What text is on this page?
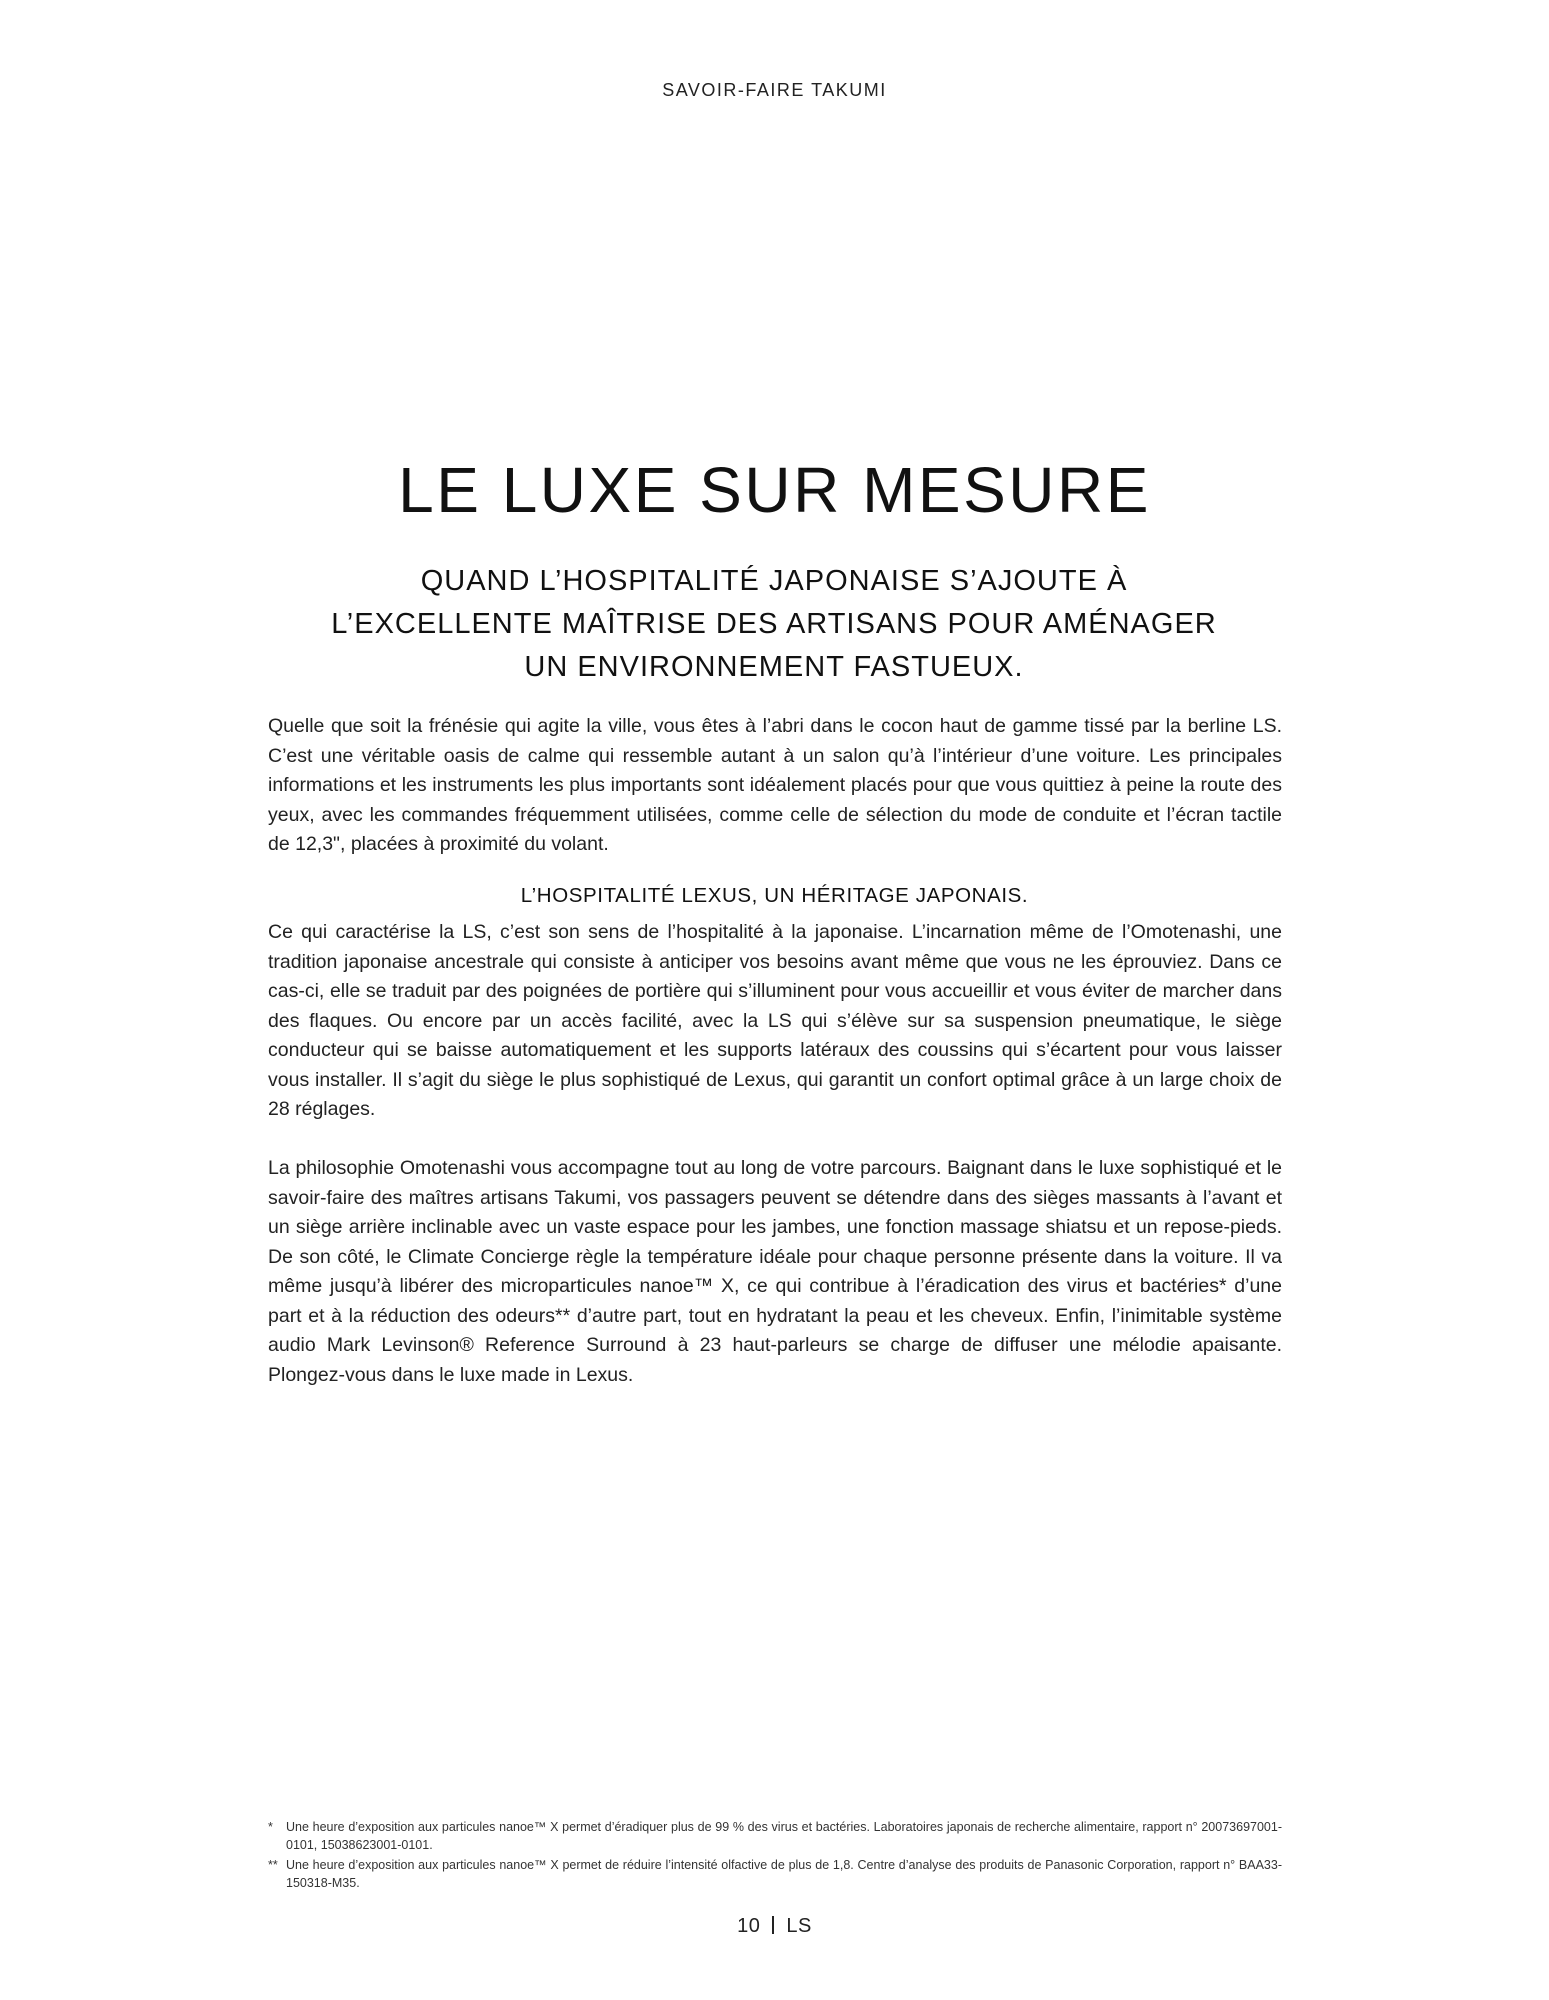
SAVOIR-FAIRE TAKUMI
LE LUXE SUR MESURE
QUAND L’HOSPITALITÉ JAPONAISE S’AJOUTE À
L’EXCELLENTE MAÎTRISE DES ARTISANS POUR AMÉNAGER
UN ENVIRONNEMENT FASTUEUX.

Quelle que soit la frénésie qui agite la ville, vous êtes à l’abri dans le cocon haut de gamme tissé par la berline LS. C’est une véritable oasis de calme qui ressemble autant à un salon qu’à l’intérieur d’une voiture. Les principales informations et les instruments les plus importants sont idéalement placés pour que vous quittiez à peine la route des yeux, avec les commandes fréquemment utilisées, comme celle de sélection du mode de conduite et l’écran tactile de 12,3", placées à proximité du volant.

L’HOSPITALITÉ LEXUS, UN HÉRITAGE JAPONAIS.

Ce qui caractérise la LS, c’est son sens de l’hospitalité à la japonaise. L’incarnation même de l’Omotenashi, une tradition japonaise ancestrale qui consiste à anticiper vos besoins avant même que vous ne les éprouviez. Dans ce cas-ci, elle se traduit par des poignées de portière qui s’illuminent pour vous accueillir et vous éviter de marcher dans des flaques. Ou encore par un accès facilité, avec la LS qui s’élève sur sa suspension pneumatique, le siège conducteur qui se baisse automatiquement et les supports latéraux des coussins qui s’écartent pour vous laisser vous installer. Il s’agit du siège le plus sophistiqué de Lexus, qui garantit un confort optimal grâce à un large choix de 28 réglages.

La philosophie Omotenashi vous accompagne tout au long de votre parcours. Baignant dans le luxe sophistiqué et le savoir-faire des maîtres artisans Takumi, vos passagers peuvent se détendre dans des sièges massants à l’avant et un siège arrière inclinable avec un vaste espace pour les jambes, une fonction massage shiatsu et un repose-pieds. De son côté, le Climate Concierge règle la température idéale pour chaque personne présente dans la voiture. Il va même jusqu’à libérer des microparticules nanoe™ X, ce qui contribue à l’éradication des virus et bactéries* d’une part et à la réduction des odeurs** d’autre part, tout en hydratant la peau et les cheveux. Enfin, l’inimitable système audio Mark Levinson® Reference Surround à 23 haut-parleurs se charge de diffuser une mélodie apaisante. Plongez-vous dans le luxe made in Lexus.

*	Une heure d’exposition aux particules nanoe™ X permet d’éradiquer plus de 99 % des virus et bactéries. Laboratoires japonais de recherche alimentaire, rapport n° 20073697001-0101, 15038623001-0101.
** Une heure d’exposition aux particules nanoe™ X permet de réduire l’intensité olfactive de plus de 1,8. Centre d’analyse des produits de Panasonic Corporation, rapport n° BAA33-150318-M35.
10 LS
